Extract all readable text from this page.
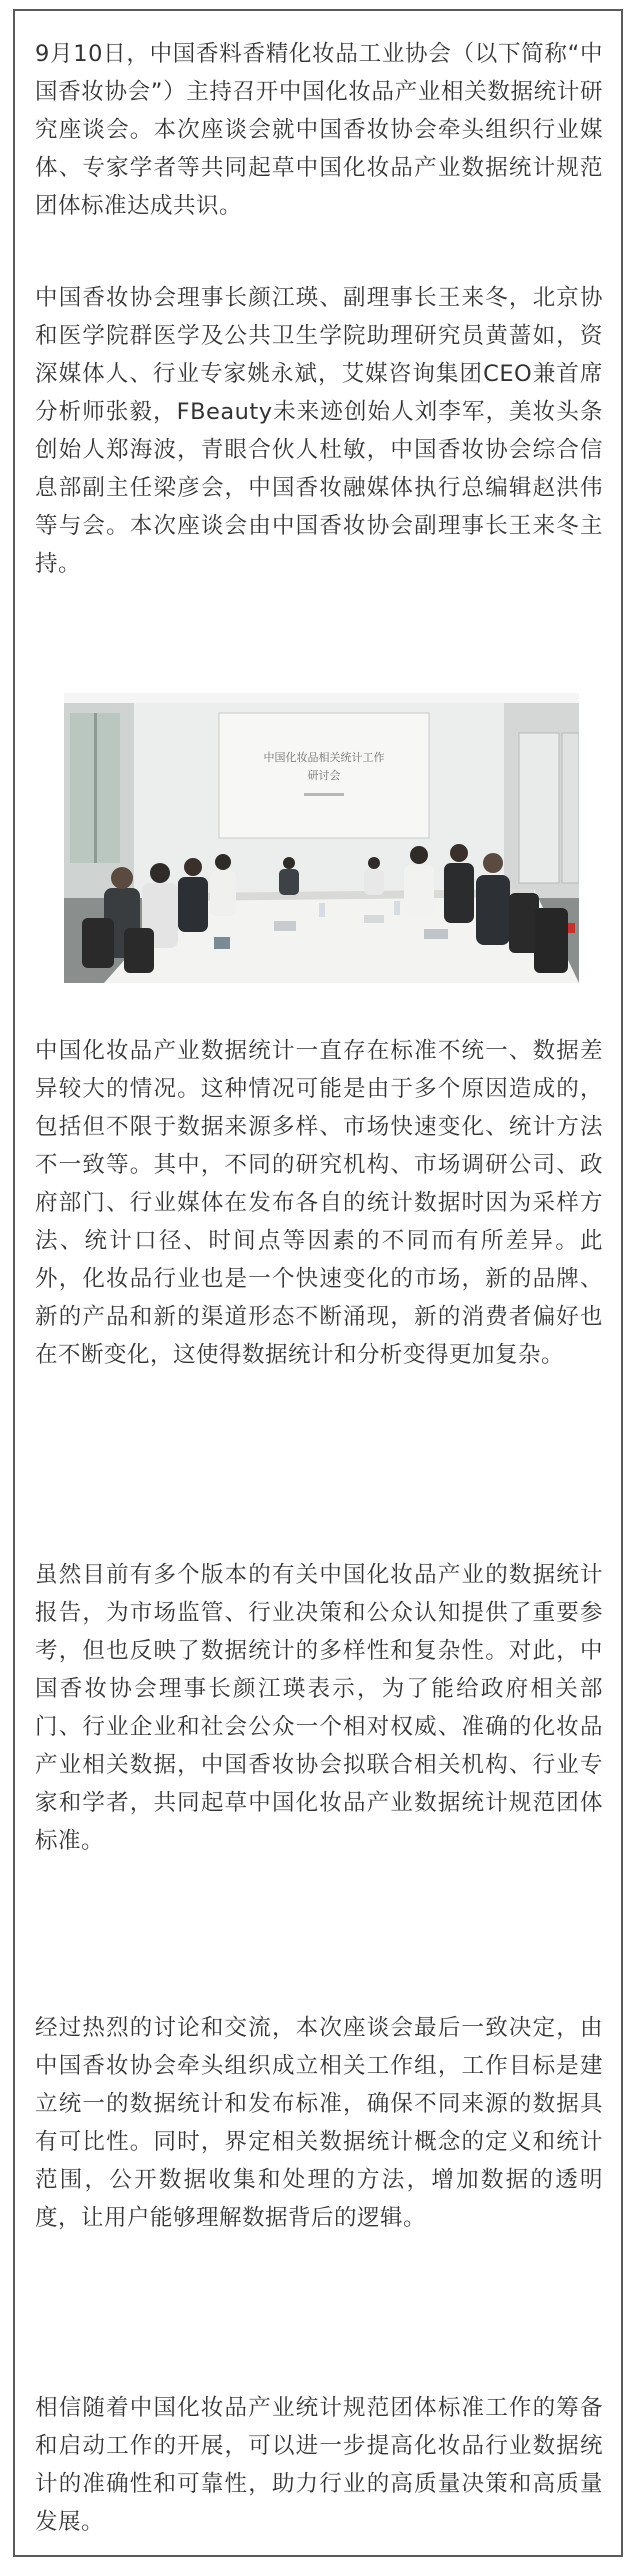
9月10日，中国香料香精化妆品工业协会（以下简称“中国香妆协会”）主持召开中国化妆品产业相关数据统计研究座谈会。本次座谈会就中国香妆协会牵头组织行业媒体、专家学者等共同起草中国化妆品产业数据统计规范团体标准达成共识。

中国香妆协会理事长颜江瑛、副理事长王来冬，北京协和医学院群医学及公共卫生学院助理研究员黄蔷如，资深媒体人、行业专家姚永斌，艾媒咨询集团CEO兼首席分析师张毅，FBeauty未来迹创始人刘李军，美妆头条创始人郑海波，青眼合伙人杜敏，中国香妆协会综合信息部副主任梁彦会，中国香妆融媒体执行总编辑赵洪伟等与会。本次座谈会由中国香妆协会副理事长王来冬主持。

中国化妆品相关统计工作
研讨会

中国化妆品产业数据统计一直存在标准不统一、数据差异较大的情况。这种情况可能是由于多个原因造成的，包括但不限于数据来源多样、市场快速变化、统计方法不一致等。其中，不同的研究机构、市场调研公司、政府部门、行业媒体在发布各自的统计数据时因为采样方法、统计口径、时间点等因素的不同而有所差异。此外，化妆品行业也是一个快速变化的市场，新的品牌、新的产品和新的渠道形态不断涌现，新的消费者偏好也在不断变化，这使得数据统计和分析变得更加复杂。

虽然目前有多个版本的有关中国化妆品产业的数据统计报告，为市场监管、行业决策和公众认知提供了重要参考，但也反映了数据统计的多样性和复杂性。对此，中国香妆协会理事长颜江瑛表示，为了能给政府相关部门、行业企业和社会公众一个相对权威、准确的化妆品产业相关数据，中国香妆协会拟联合相关机构、行业专家和学者，共同起草中国化妆品产业数据统计规范团体标准。

经过热烈的讨论和交流，本次座谈会最后一致决定，由中国香妆协会牵头组织成立相关工作组，工作目标是建立统一的数据统计和发布标准，确保不同来源的数据具有可比性。同时，界定相关数据统计概念的定义和统计范围，公开数据收集和处理的方法，增加数据的透明度，让用户能够理解数据背后的逻辑。

相信随着中国化妆品产业统计规范团体标准工作的筹备和启动工作的开展，可以进一步提高化妆品行业数据统计的准确性和可靠性，助力行业的高质量决策和高质量发展。
